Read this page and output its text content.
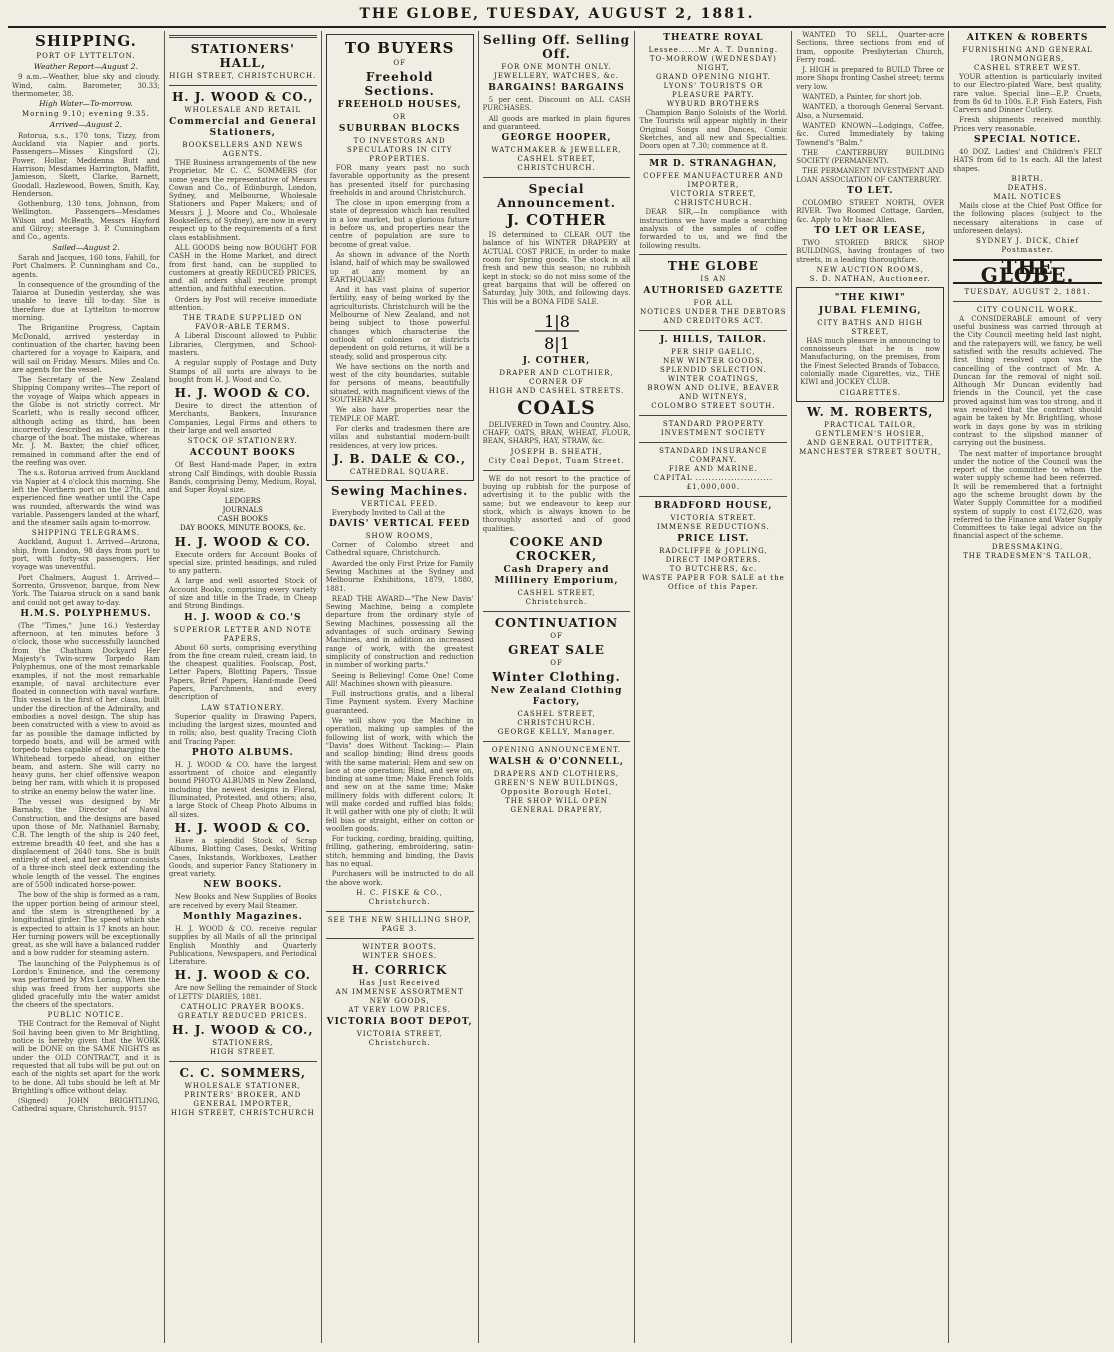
THE GLOBE, TUESDAY, AUGUST 2, 1881.
SHIPPING.
PORT OF LYTTELTON.
Weather Report—August 2.

9 a.m.—Weather, blue sky and cloudy. Wind, calm. Barometer, 30.33; thermometer, 38.

High Water—To-morrow.
Morning 9.10; evening 9.35.
Arrived—August 2.

Rotorua, s.s., 170 tons, Tizzy, from Auckland via Napier and ports. Passengers—Misses Kingsford (2), Power, Hollar, Meddenna Butt and Harrison; Mesdames Harrington, Maffitt, Jamieson, Skett, Clarke, Barnett, Goodall, Hazlewood, Bowen, Smith, Kay, Henderson.

Gothenburg, 130 tons, Johnson, from Wellington. Passengers—Mesdames Wilson and McBeath, Messrs Hayford and Gilroy; steerage 3. P. Cunningham and Co., agents.

Sailed—August 2.

Sarah and Jacques, 160 tons, Fahill, for Port Chalmers. P. Cunningham and Co., agents.

In consequence of the grounding of the Taiaroa at Dunedin yesterday, she was unable to leave till to-day. She is therefore due at Lyttelton to-morrow morning.

The Brigantine Progress, Captain McDonald, arrived yesterday in continuation of the charter, having been chartered for a voyage to Kaipara, and will sail on Friday. Messrs. Miles and Co. are agents for the vessel.

The Secretary of the New Zealand Shipping Company writes—The report of the voyage of Waipa which appears in the Globe is not strictly correct. Mr Scarlett, who is really second officer, although acting as third, has been incorrectly described as the officer in charge of the boat. The mistake, whereas Mr. J. M. Baxter, the chief officer, remained in command after the end of the reefing was over.

The s.s. Rotorua arrived from Auckland via Napier at 4 o'clock this morning. She left the Northern port on the 27th, and experienced fine weather until the Cape was rounded, afterwards the wind was variable. Passengers landed at the wharf, and the steamer sails again to-morrow.

SHIPPING TELEGRAMS.

Auckland, August 1. Arrived—Arizona, ship, from London, 98 days from port to port, with forty-six passengers. Her voyage was uneventful.

Port Chalmers, August 1. Arrived—Sorrento, Grosvenor, barque, from New York. The Taiaroa struck on a sand bank and could not get away to-day.

H.M.S. POLYPHEMUS.

(The "Times," June 16.) Yesterday afternoon, at ten minutes before 3 o'clock, those who successfully launched from the Chatham Dockyard Her Majesty's Twin-screw Torpedo Ram Polyphemus, one of the most remarkable examples, if not the most remarkable example, of naval architecture ever floated in connection with naval warfare. This vessel is the first of her class, built under the direction of the Admiralty, and embodies a novel design. The ship has been constructed with a view to avoid as far as possible the damage inflicted by torpedo boats, and will be armed with torpedo tubes capable of discharging the Whitehead torpedo ahead, on either beam, and astern. She will carry no heavy guns, her chief offensive weapon being her ram, with which it is proposed to strike an enemy below the water line.

The vessel was designed by Mr Barnaby, the Director of Naval Construction, and the designs are based upon those of Mr. Nathaniel Barnaby, C.B. The length of the ship is 240 feet, extreme breadth 40 feet, and she has a displacement of 2640 tons. She is built entirely of steel, and her armour consists of a three-inch steel deck extending the whole length of the vessel. The engines are of 5500 indicated horse-power.

The bow of the ship is formed as a ram, the upper portion being of armour steel, and the stem is strengthened by a longitudinal girder. The speed which she is expected to attain is 17 knots an hour. Her turning powers will be exceptionally great, as she will have a balanced rudder and a bow rudder for steaming astern.

The launching of the Polyphemus is of Lordon's Eminence, and the ceremony was performed by Mrs Loring. When the ship was freed from her supports she glided gracefully into the water amidst the cheers of the spectators.

PUBLIC NOTICE.

THE Contract for the Removal of Night Soil having been given to Mr Brightling, notice is hereby given that the WORK will be DONE on the SAME NIGHTS as under the OLD CONTRACT, and it is requested that all tubs will be put out on each of the nights set apart for the work to be done. All tubs should be left at Mr Brightling's office without delay.

(Signed) JOHN BRIGHTLING, Cathedral square, Christchurch. 9157

STATIONERS' HALL,
HIGH STREET, CHRISTCHURCH.
H. J. WOOD & CO.,
WHOLESALE AND RETAIL
Commercial and General Stationers,
BOOKSELLERS AND NEWS AGENTS.

THE Business arrangements of the new Proprietor, Mr C. C. SOMMERS (for some years the representative of Messrs Cowan and Co., of Edinburgh, London, Sydney, and Melbourne, Wholesale Stationers and Paper Makers; and of Messrs J. J. Moore and Co., Wholesale Booksellers, of Sydney), are now in every respect up to the requirements of a first class establishment.

ALL GOODS being now BOUGHT FOR CASH in the Home Market, and direct from first hand, can be supplied to customers at greatly REDUCED PRICES, and all orders shall receive prompt attention, and faithful execution.

Orders by Post will receive immediate attention.

THE TRADE SUPPLIED ON FAVOR-ABLE TERMS.

A Liberal Discount allowed to Public Libraries, Clergymen, and School-masters.

A regular supply of Postage and Duty Stamps of all sorts are always to be bought from H. J. Wood and Co.

H. J. WOOD & CO.

Desire to direct the attention of Merchants, Bankers, Insurance Companies, Legal Firms and others to their large and well assorted

STOCK OF STATIONERY.
ACCOUNT BOOKS

Of Best Hand-made Paper, in extra strong Calf Bindings, with double Russia Bands, comprising Demy, Medium, Royal, and Super Royal size.

LEDGERS
JOURNALS
CASH BOOKS
DAY BOOKS, MINUTE BOOKS, &c.
H. J. WOOD & CO.

Execute orders for Account Books of special size, printed headings, and ruled to any pattern.

A large and well assorted Stock of Account Books, comprising every variety of size and title in the Trade, in Cheap and Strong Bindings.

H. J. WOOD & CO.'S
SUPERIOR LETTER AND NOTE PAPERS,

About 60 sorts, comprising everything from the fine cream ruled, cream laid, to the cheapest qualities. Foolscap, Post, Letter Papers, Blotting Papers, Tissue Papers, Brief Papers, Hand-made Deed Papers, Parchments, and every description of

LAW STATIONERY.

Superior quality in Drawing Papers, including the largest sizes, mounted and in rolls; also, best quality Tracing Cloth and Tracing Paper.

PHOTO ALBUMS.

H. J. WOOD & CO. have the largest assortment of choice and elegantly bound PHOTO ALBUMS in New Zealand, including the newest designs in Floral, Illuminated, Protested, and others; also, a large Stock of Cheap Photo Albums in all sizes.

H. J. WOOD & CO.

Have a splendid Stock of Scrap Albums, Blotting Cases, Desks, Writing Cases, Inkstands, Workboxes, Leather Goods, and superior Fancy Stationery in great variety.

NEW BOOKS.

New Books and New Supplies of Books are received by every Mail Steamer.

Monthly Magazines.

H. J. WOOD & CO. receive regular supplies by all Mails of all the principal English Monthly and Quarterly Publications, Newspapers, and Periodical Literature.

H. J. WOOD & CO.

Are now Selling the remainder of Stock of LETTS' DIARIES, 1881.

CATHOLIC PRAYER BOOKS.
GREATLY REDUCED PRICES.
H. J. WOOD & CO.,
STATIONERS,
HIGH STREET.
C. C. SOMMERS,
WHOLESALE STATIONER,
PRINTERS' BROKER, AND GENERAL IMPORTER,
HIGH STREET, CHRISTCHURCH
TO BUYERS
OF
Freehold Sections.
FREEHOLD HOUSES,
OR
SUBURBAN BLOCKS
TO INVESTORS AND SPECULATORS IN CITY PROPERTIES.

FOR many years past no such favorable opportunity as the present has presented itself for purchasing freeholds in and around Christchurch.

The close in upon emerging from a state of depression which has resulted in a low market, but a glorious future is before us, and properties near the centre of population are sure to become of great value.

As shown in advance of the North Island, half of which may be swallowed up at any moment by an EARTHQUAKE!

And it has vast plains of superior fertility, easy of being worked by the agriculturists. Christchurch will be the Melbourne of New Zealand, and not being subject to those powerful changes which characterise the outlook of colonies or districts dependent on gold returns, it will be a steady, solid and prosperous city.

We have sections on the north and west of the city boundaries, suitable for persons of means, beautifully situated, with magnificent views of the SOUTHERN ALPS.

We also have properties near the TEMPLE OF MART.

For clerks and tradesmen there are villas and substantial modern-built residences, at very low prices.

J. B. DALE & CO.,
CATHEDRAL SQUARE.
Sewing Machines.
VERTICAL FEED.

Everybody Invited to Call at the

DAVIS' VERTICAL FEED
SHOW ROOMS,

Corner of Colombo street and Cathedral square, Christchurch.

Awarded the only First Prize for Family Sewing Machines at the Sydney and Melbourne Exhibitions, 1879, 1880, 1881.

READ THE AWARD—"The New Davis' Sewing Machine, being a complete departure from the ordinary style of Sewing Machines, possessing all the advantages of such ordinary Sewing Machines, and in addition an increased range of work, with the greatest simplicity of construction and reduction in number of working parts."

Seeing is Believing! Come One! Come All! Machines shown with pleasure.

Full instructions gratis, and a liberal Time Payment system. Every Machine guaranteed.

We will show you the Machine in operation, making up samples of the following list of work, with which the "Davis" does Without Tacking:— Plain and scallop binding; Bind dress goods with the same material; Hem and sew on lace at one operation; Bind, and sew on, binding at same time; Make French folds and sew on at the same time; Make millinery folds with different colors; It will make corded and ruffled bias folds; It will gather with one ply of cloth; It will fell bias or straight, either on cotton or woollen goods.

For tucking, cording, braiding, quilting, frilling, gathering, embroidering, satin-stitch, hemming and binding, the Davis has no equal.

Purchasers will be instructed to do all the above work.

H. C. FISKE & CO., Christchurch.
SEE THE NEW SHILLING SHOP, PAGE 3.
WINTER BOOTS.
WINTER SHOES.
H. CORRICK
Has Just Received
AN IMMENSE ASSORTMENT
NEW GOODS,
AT VERY LOW PRICES.
VICTORIA BOOT DEPOT,
VICTORIA STREET, Christchurch.
Selling Off. Selling Off.
FOR ONE MONTH ONLY.
JEWELLERY, WATCHES, &c.
BARGAINS! BARGAINS

5 per cent. Discount on ALL CASH PURCHASES.

All goods are marked in plain figures and guaranteed.

GEORGE HOOPER,
WATCHMAKER & JEWELLER,
CASHEL STREET, CHRISTCHURCH.
Special Announcement.
J. COTHER

IS determined to CLEAR OUT the balance of his WINTER DRAPERY at ACTUAL COST PRICE, in order to make room for Spring goods. The stock is all fresh and new this season; no rubbish kept in stock; so do not miss some of the great bargains that will be offered on Saturday, July 30th, and following days. This will be a BONA FIDE SALE.

1|8
8|1
J. COTHER,
DRAPER AND CLOTHIER,
CORNER OF
HIGH AND CASHEL STREETS.
COALS

DELIVERED in Town and Country. Also, CHAFF, OATS, BRAN, WHEAT, FLOUR, BEAN, SHARPS, HAY, STRAW, &c.

JOSEPH B. SHEATH,
City Coal Depot, Tuam Street.

WE do not resort to the practice of buying up rubbish for the purpose of advertising it to the public with the same; but we endeavour to keep our stock, which is always known to be thoroughly assorted and of good qualities.

COOKE AND CROCKER,
Cash Drapery and Millinery Emporium,
CASHEL STREET,
Christchurch.
CONTINUATION
OF
GREAT SALE
OF
Winter Clothing.
New Zealand Clothing Factory,
CASHEL STREET,
CHRISTCHURCH.
GEORGE KELLY, Manager.
OPENING ANNOUNCEMENT.
WALSH & O'CONNELL,
DRAPERS AND CLOTHIERS,
GREEN'S NEW BUILDINGS,
Opposite Borough Hotel,
THE SHOP WILL OPEN
GENERAL DRAPERY,
THEATRE ROYAL
Lessee......Mr A. T. Dunning.
TO-MORROW (WEDNESDAY) NIGHT,
GRAND OPENING NIGHT.
LYONS' TOURISTS OR PLEASURE PARTY.
WYBURD BROTHERS

Champion Banjo Soloists of the World. The Tourists will appear nightly in their Original Songs and Dances, Comic Sketches, and all new and Specialties. Doors open at 7.30; commence at 8.

MR D. STRANAGHAN,
COFFEE MANUFACTURER AND IMPORTER,
VICTORIA STREET, CHRISTCHURCH.

DEAR SIR,—In compliance with instructions we have made a searching analysis of the samples of coffee forwarded to us, and we find the following results.

THE GLOBE
IS AN
AUTHORISED GAZETTE
FOR ALL
NOTICES UNDER THE DEBTORS AND CREDITORS ACT.
J. HILLS, TAILOR.
PER SHIP GAELIC,
NEW WINTER GOODS,
SPLENDID SELECTION.
WINTER COATINGS,
BROWN AND OLIVE, BEAVER AND WITNEYS,
COLOMBO STREET SOUTH.
STANDARD PROPERTY INVESTMENT SOCIETY
STANDARD INSURANCE COMPANY.
FIRE AND MARINE.
CAPITAL ........................ £1,000,000.
BRADFORD HOUSE,
VICTORIA STREET.
IMMENSE REDUCTIONS.
PRICE LIST.
RADCLIFFE & JOPLING,
DIRECT IMPORTERS.
TO BUTCHERS, &c.
WASTE PAPER FOR SALE at the Office of this Paper.

WANTED TO SELL, Quarter-acre Sections, three sections from end of tram, opposite Presbyterian Church, Ferry road.

J. HIGH is prepared to BUILD Three or more Shops fronting Cashel street; terms very low.

WANTED, a Painter, for short job.

WANTED, a thorough General Servant. Also, a Nursemaid.

WANTED KNOWN—Lodgings, Coffee, &c. Cured Immediately by taking Townend's "Balm."

THE CANTERBURY BUILDING SOCIETY (PERMANENT).

THE PERMANENT INVESTMENT AND LOAN ASSOCIATION OF CANTERBURY.

TO LET.

COLOMBO STREET NORTH, OVER RIVER. Two Roomed Cottage, Garden, &c. Apply to Mr Isaac Allen.

TO LET OR LEASE,

TWO STORIED BRICK SHOP BUILDINGS, having frontages of two streets, in a leading thoroughfare.

NEW AUCTION ROOMS,
S. D. NATHAN, Auctioneer.
"THE KIWI"
JUBAL FLEMING,
CITY BATHS AND HIGH STREET,

HAS much pleasure in announcing to connoisseurs that he is now Manufacturing, on the premises, from the Finest Selected Brands of Tobacco, colonially made Cigarettes, viz., THE KIWI and JOCKEY CLUB.

CIGARETTES.
W. M. ROBERTS,
PRACTICAL TAILOR,
GENTLEMEN'S HOSIER,
AND GENERAL OUTFITTER,
MANCHESTER STREET SOUTH,
AITKEN & ROBERTS
FURNISHING AND GENERAL IRONMONGERS,
CASHEL STREET WEST.

YOUR attention is particularly invited to our Electro-plated Ware, best quality, rare value. Special line—E.P. Cruets, from 8s 6d to 100s. E.P. Fish Eaters, Fish Carvers and Dinner Cutlery.

Fresh shipments received monthly. Prices very reasonable.

SPECIAL NOTICE.

40 DOZ. Ladies' and Children's FELT HATS from 6d to 1s each. All the latest shapes.

BIRTH.
DEATHS.
MAIL NOTICES

Mails close at the Chief Post Office for the following places (subject to the necessary alterations in case of unforeseen delays).

SYDNEY J. DICK, Chief Postmaster.
THE GLOBE.
TUESDAY, AUGUST 2, 1881.
CITY COUNCIL WORK.

A CONSIDERABLE amount of very useful business was carried through at the City Council meeting held last night, and the ratepayers will, we fancy, be well satisfied with the results achieved. The first thing resolved upon was the cancelling of the contract of Mr. A. Duncan for the removal of night soil. Although Mr Duncan evidently had friends in the Council, yet the case proved against him was too strong, and it was resolved that the contract should again be taken by Mr. Brightling, whose work in days gone by was in striking contrast to the slipshod manner of carrying out the business.

The next matter of importance brought under the notice of the Council was the report of the committee to whom the water supply scheme had been referred. It will be remembered that a fortnight ago the scheme brought down by the Water Supply Committee for a modified system of supply to cost £172,620, was referred to the Finance and Water Supply Committees to take legal advice on the financial aspect of the scheme.

DRESSMAKING.
THE TRADESMEN'S TAILOR,
